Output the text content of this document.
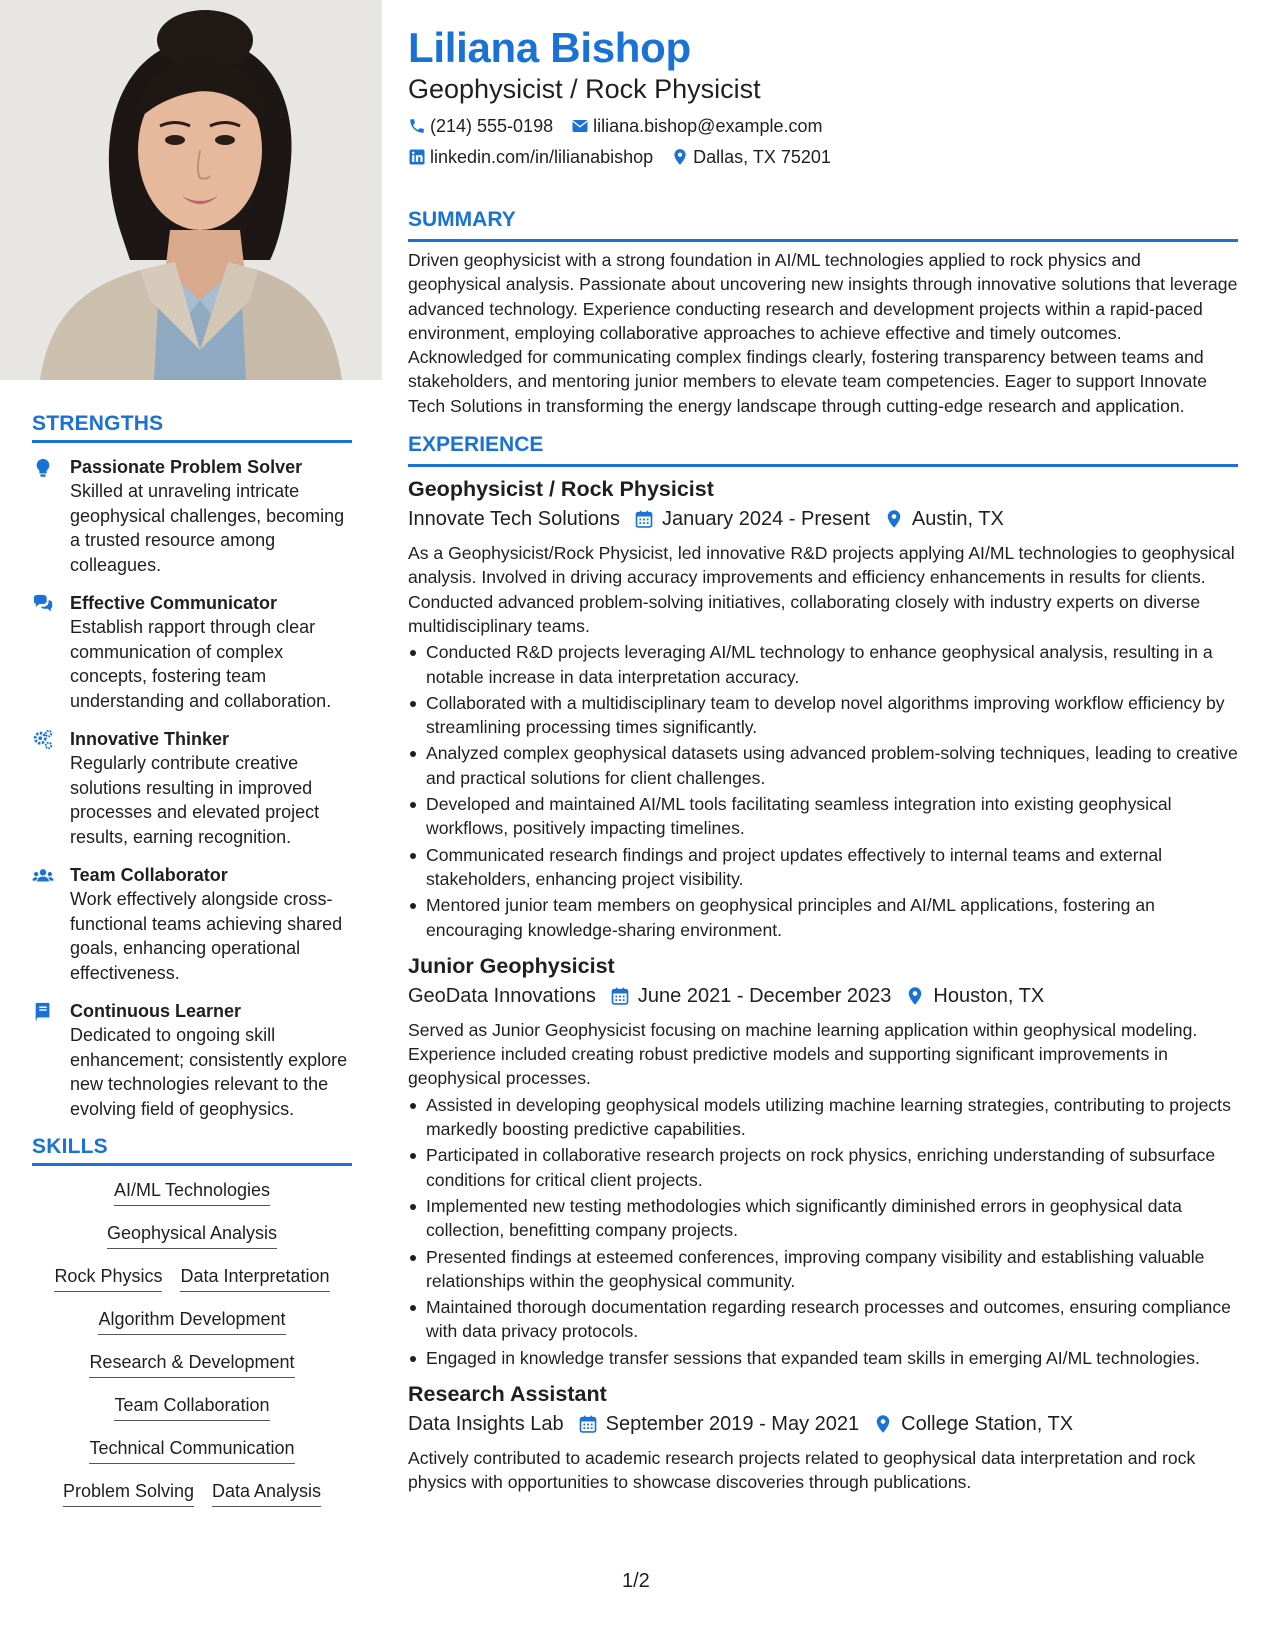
STRENGTHS
Passionate Problem Solver
Skilled at unraveling intricate geophysical challenges, becoming a trusted resource among colleagues.
Effective Communicator
Establish rapport through clear communication of complex concepts, fostering team understanding and collaboration.
Innovative Thinker
Regularly contribute creative solutions resulting in improved processes and elevated project results, earning recognition.
Team Collaborator
Work effectively alongside cross-functional teams achieving shared goals, enhancing operational effectiveness.
Continuous Learner
Dedicated to ongoing skill enhancement; consistently explore new technologies relevant to the evolving field of geophysics.
SKILLS
AI/ML Technologies
Geophysical Analysis
Rock Physics Data Interpretation
Algorithm Development
Research & Development
Team Collaboration
Technical Communication
Problem Solving Data Analysis
Liliana Bishop
Geophysicist / Rock Physicist
(214) 555-0198 liliana.bishop@example.com
linkedin.com/in/lilianabishop Dallas, TX 75201
SUMMARY
Driven geophysicist with a strong foundation in AI/ML technologies applied to rock physics and geophysical analysis. Passionate about uncovering new insights through innovative solutions that leverage advanced technology. Experience conducting research and development projects within a rapid-paced environment, employing collaborative approaches to achieve effective and timely outcomes. Acknowledged for communicating complex findings clearly, fostering transparency between teams and stakeholders, and mentoring junior members to elevate team competencies. Eager to support Innovate Tech Solutions in transforming the energy landscape through cutting-edge research and application.
EXPERIENCE
Geophysicist / Rock Physicist
Innovate Tech Solutions January 2024 - Present Austin, TX
As a Geophysicist/Rock Physicist, led innovative R&D projects applying AI/ML technologies to geophysical analysis. Involved in driving accuracy improvements and efficiency enhancements in results for clients. Conducted advanced problem-solving initiatives, collaborating closely with industry experts on diverse multidisciplinary teams.
Conducted R&D projects leveraging AI/ML technology to enhance geophysical analysis, resulting in a notable increase in data interpretation accuracy.
Collaborated with a multidisciplinary team to develop novel algorithms improving workflow efficiency by streamlining processing times significantly.
Analyzed complex geophysical datasets using advanced problem-solving techniques, leading to creative and practical solutions for client challenges.
Developed and maintained AI/ML tools facilitating seamless integration into existing geophysical workflows, positively impacting timelines.
Communicated research findings and project updates effectively to internal teams and external stakeholders, enhancing project visibility.
Mentored junior team members on geophysical principles and AI/ML applications, fostering an encouraging knowledge-sharing environment.
Junior Geophysicist
GeoData Innovations June 2021 - December 2023 Houston, TX
Served as Junior Geophysicist focusing on machine learning application within geophysical modeling. Experience included creating robust predictive models and supporting significant improvements in geophysical processes.
Assisted in developing geophysical models utilizing machine learning strategies, contributing to projects markedly boosting predictive capabilities.
Participated in collaborative research projects on rock physics, enriching understanding of subsurface conditions for critical client projects.
Implemented new testing methodologies which significantly diminished errors in geophysical data collection, benefitting company projects.
Presented findings at esteemed conferences, improving company visibility and establishing valuable relationships within the geophysical community.
Maintained thorough documentation regarding research processes and outcomes, ensuring compliance with data privacy protocols.
Engaged in knowledge transfer sessions that expanded team skills in emerging AI/ML technologies.
Research Assistant
Data Insights Lab September 2019 - May 2021 College Station, TX
Actively contributed to academic research projects related to geophysical data interpretation and rock physics with opportunities to showcase discoveries through publications.
1/2
